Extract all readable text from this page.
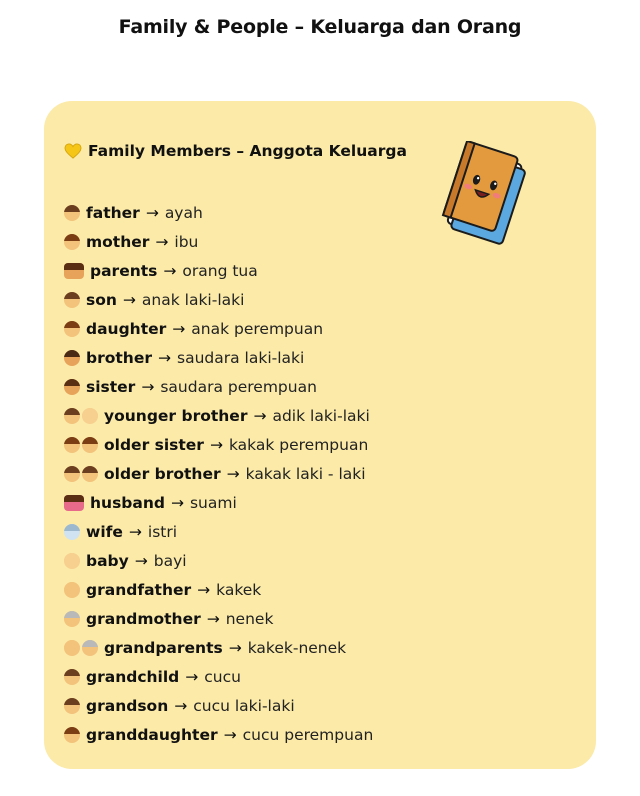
Family & People – Keluarga dan Orang
Family Members – Anggota Keluarga
father → ayah
mother → ibu
parents → orang tua
son → anak laki-laki
daughter → anak perempuan
brother → saudara laki-laki
sister → saudara perempuan
younger brother → adik laki-laki
older sister → kakak perempuan
older brother → kakak laki - laki
husband → suami
wife → istri
baby → bayi
grandfather → kakek
grandmother → nenek
grandparents → kakek-nenek
grandchild → cucu
grandson → cucu laki-laki
granddaughter → cucu perempuan
